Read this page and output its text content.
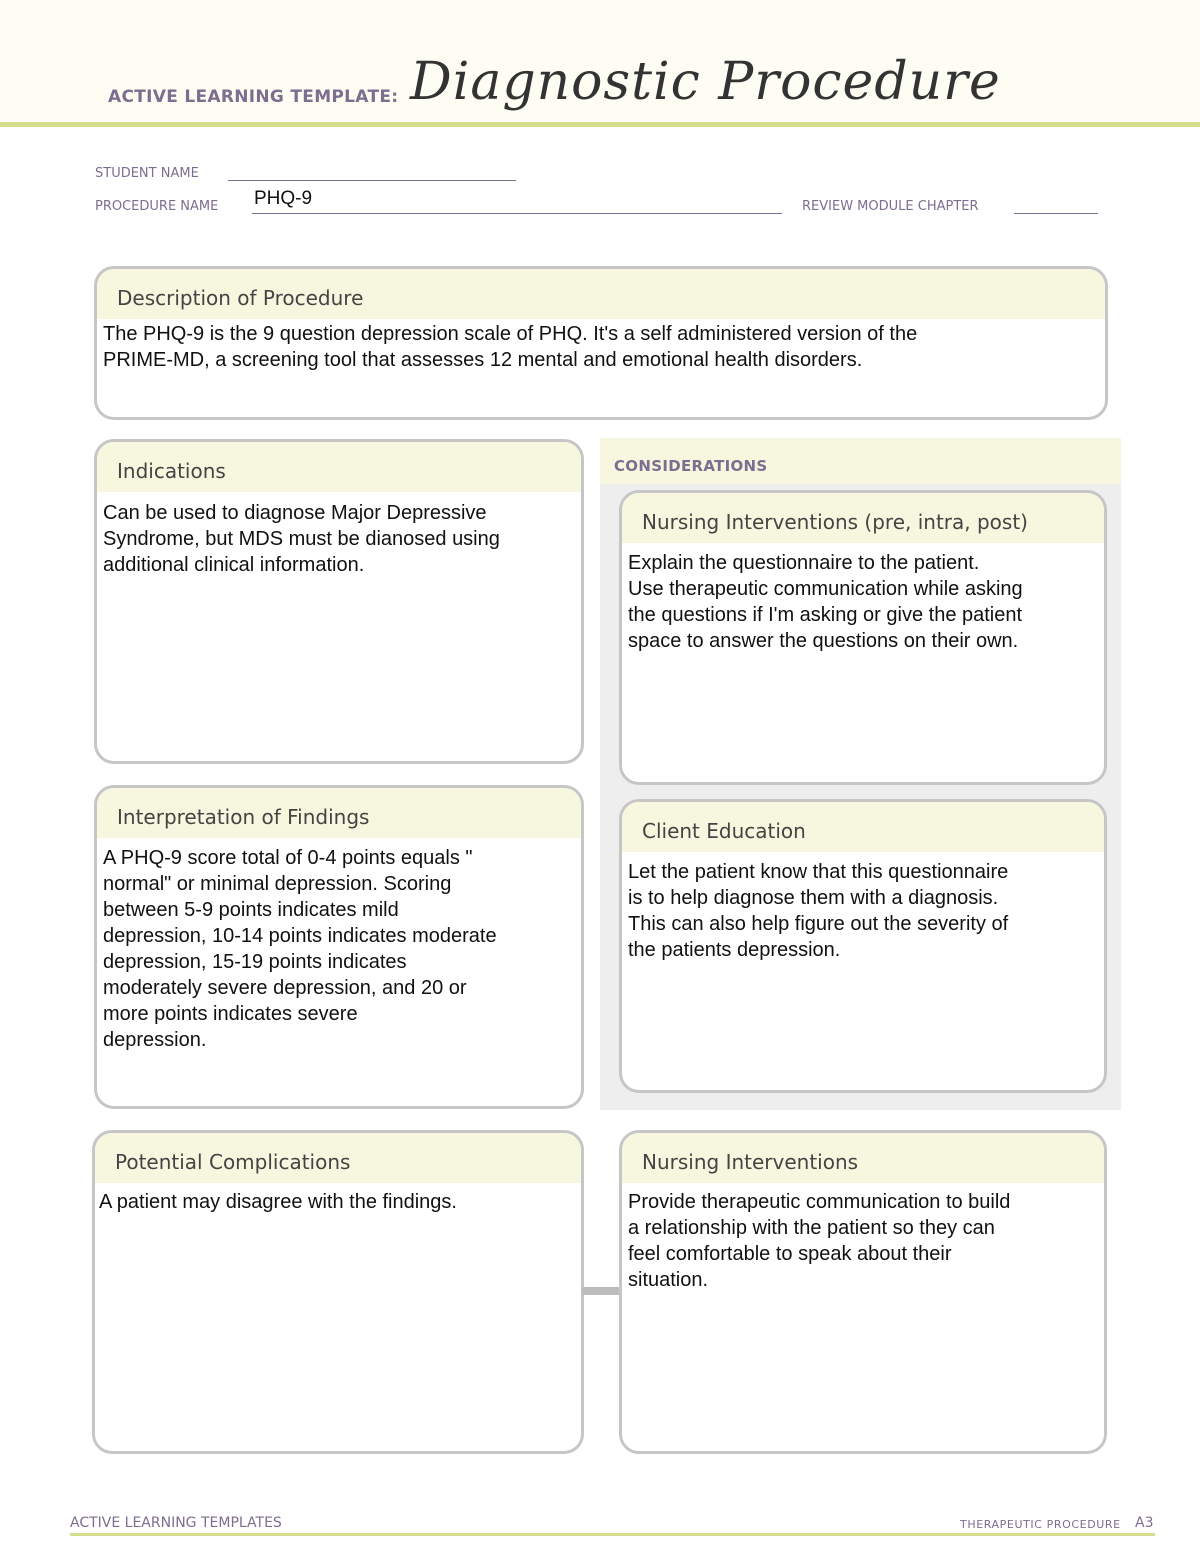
ACTIVE LEARNING TEMPLATE: Diagnostic Procedure
STUDENT NAME
PROCEDURE NAME PHQ-9	REVIEW MODULE CHAPTER
CONSIDERATIONS
Description of Procedure
The PHQ-9 is the 9 question depression scale of PHQ. It's a self administered version of the
PRIME-MD, a screening tool that assesses 12 mental and emotional health disorders.
Indications
Can be used to diagnose Major Depressive
Syndrome, but MDS must be dianosed using
additional clinical information.
Nursing Interventions (pre, intra, post)
Explain the questionnaire to the patient.
Use therapeutic communication while asking
the questions if I'm asking or give the patient
space to answer the questions on their own.
Interpretation of Findings
A PHQ-9 score total of 0-4 points equals "
normal" or minimal depression. Scoring
between 5-9 points indicates mild
depression, 10-14 points indicates moderate
depression, 15-19 points indicates
moderately severe depression, and 20 or
more points indicates severe
depression.
Client Education
Let the patient know that this questionnaire
is to help diagnose them with a diagnosis.
This can also help figure out the severity of
the patients depression.
Potential Complications
A patient may disagree with the findings.
Nursing Interventions
Provide therapeutic communication to build
a relationship with the patient so they can
feel comfortable to speak about their
situation.
ACTIVE LEARNING TEMPLATES	THERAPEUTIC PROCEDURE A3
